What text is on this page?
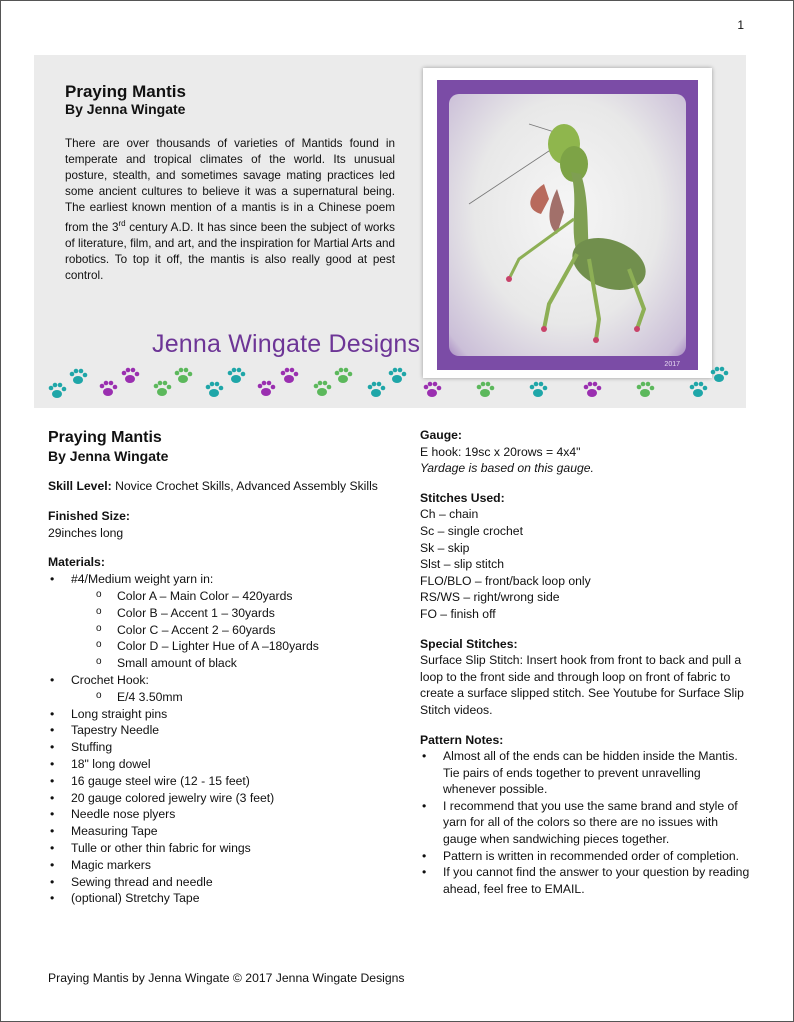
1
Praying Mantis
By Jenna Wingate
There are over thousands of varieties of Mantids found in temperate and tropical climates of the world. Its unusual posture, stealth, and sometimes savage mating practices led some ancient cultures to believe it was a supernatural being. The earliest known mention of a mantis is in a Chinese poem from the 3rd century A.D. It has since been the subject of works of literature, film, and art, and the inspiration for Martial Arts and robotics. To top it off, the mantis is also really good at pest control.
Jenna Wingate Designs
2017
Praying Mantis
By Jenna Wingate
Skill Level: Novice Crochet Skills, Advanced Assembly Skills
Finished Size:
29inches long
Materials:
• #4/Medium weight yarn in:
o Color A – Main Color – 420yards
o Color B – Accent 1 – 30yards
o Color C – Accent 2 – 60yards
o Color D – Lighter Hue of A –180yards
o Small amount of black
• Crochet Hook:
o E/4 3.50mm
• Long straight pins
• Tapestry Needle
• Stuffing
• 18" long dowel
• 16 gauge steel wire (12 - 15 feet)
• 20 gauge colored jewelry wire (3 feet)
• Needle nose plyers
• Measuring Tape
• Tulle or other thin fabric for wings
• Magic markers
• Sewing thread and needle
• (optional) Stretchy Tape
Gauge:
E hook: 19sc x 20rows = 4x4"
Yardage is based on this gauge.
Stitches Used:
Ch – chain
Sc – single crochet
Sk – skip
Slst – slip stitch
FLO/BLO – front/back loop only
RS/WS – right/wrong side
FO – finish off
Special Stitches:
Surface Slip Stitch: Insert hook from front to back and pull a loop to the front side and through loop on front of fabric to create a surface slipped stitch. See Youtube for Surface Slip Stitch videos.
Pattern Notes:
• Almost all of the ends can be hidden inside the Mantis. Tie pairs of ends together to prevent unravelling whenever possible.
• I recommend that you use the same brand and style of yarn for all of the colors so there are no issues with gauge when sandwiching pieces together.
• Pattern is written in recommended order of completion.
• If you cannot find the answer to your question by reading ahead, feel free to EMAIL.
Praying Mantis by Jenna Wingate © 2017 Jenna Wingate Designs
